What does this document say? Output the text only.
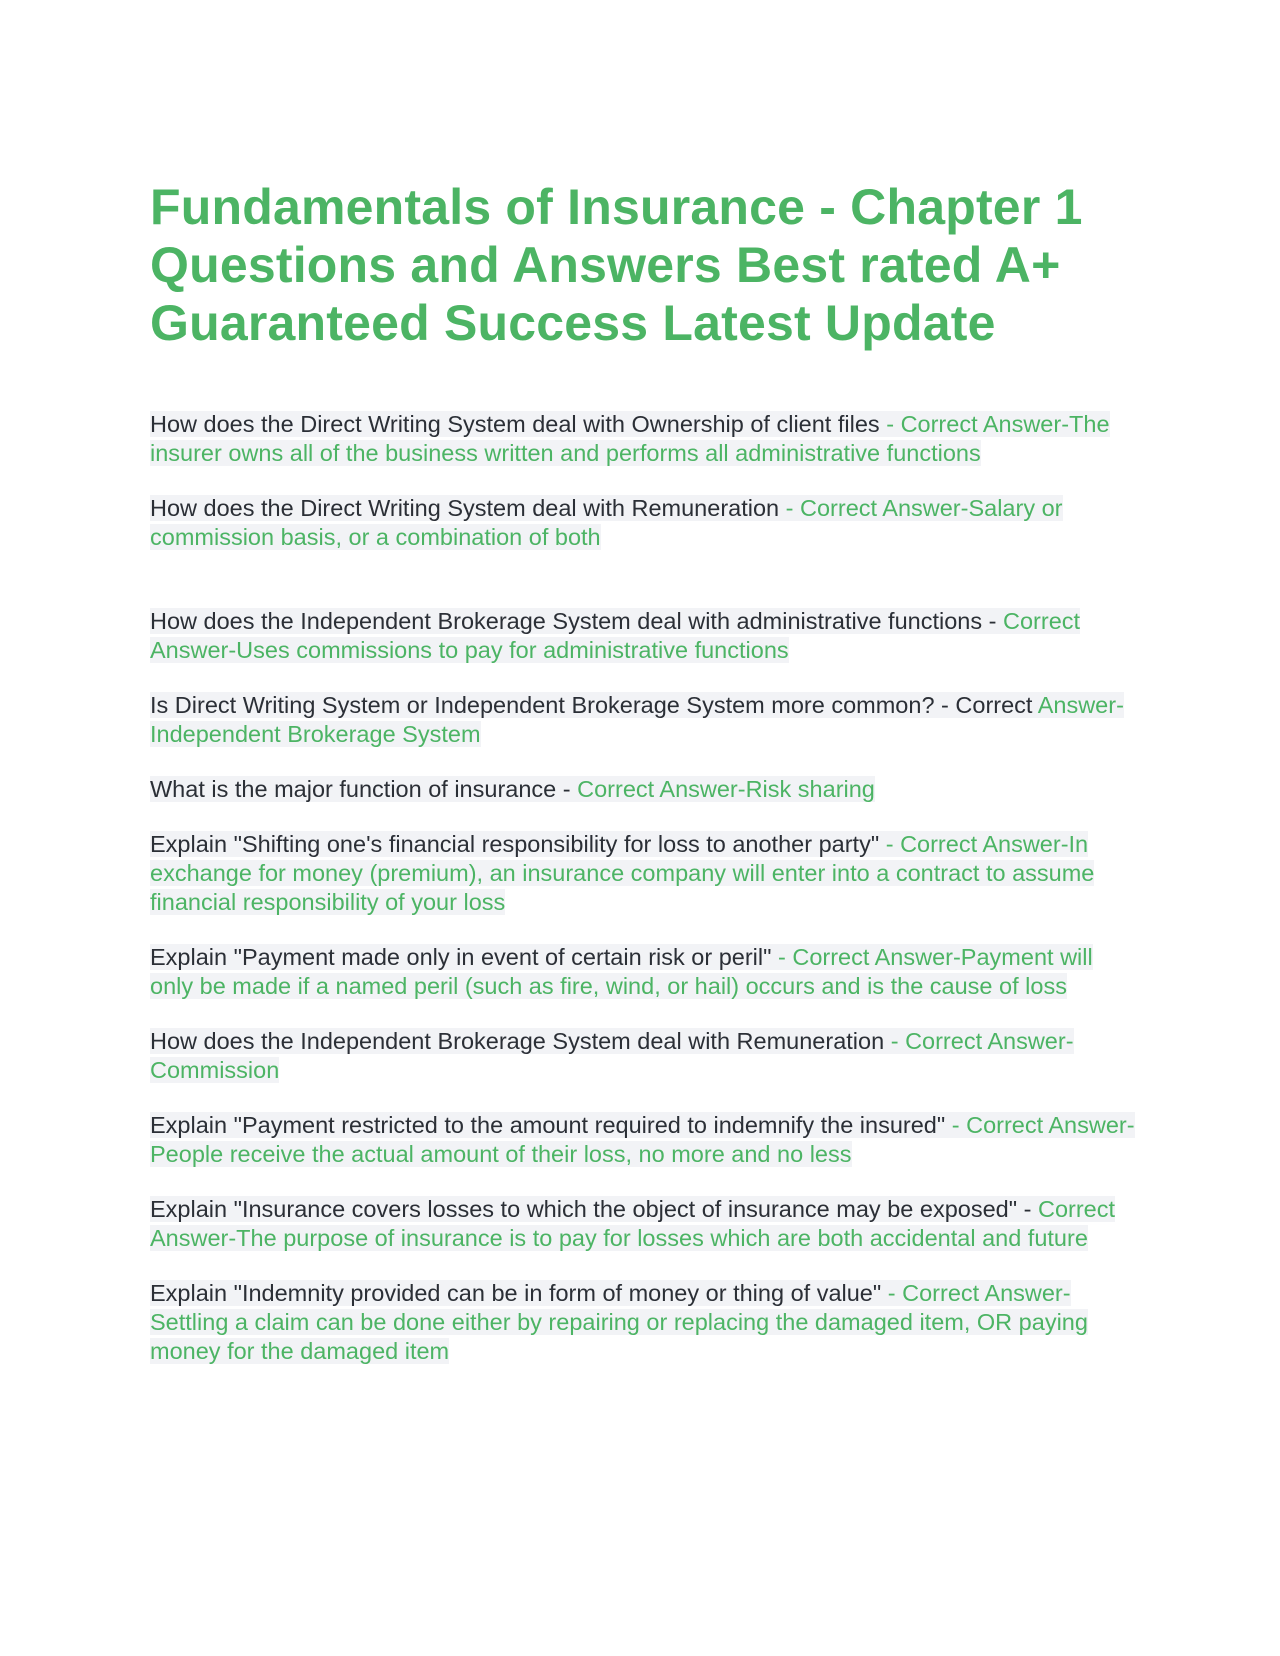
Fundamentals of Insurance - Chapter 1 Questions and Answers Best rated A+ Guaranteed Success Latest Update

How does the Direct Writing System deal with Ownership of client files - Correct Answer-The insurer owns all of the business written and performs all administrative functions

How does the Direct Writing System deal with Remuneration - Correct Answer-Salary or commission basis, or a combination of both

How does the Independent Brokerage System deal with administrative functions - Correct Answer-Uses commissions to pay for administrative functions

Is Direct Writing System or Independent Brokerage System more common? - Correct Answer-Independent Brokerage System

What is the major function of insurance - Correct Answer-Risk sharing

Explain "Shifting one's financial responsibility for loss to another party" - Correct Answer-In exchange for money (premium), an insurance company will enter into a contract to assume financial responsibility of your loss

Explain "Payment made only in event of certain risk or peril" - Correct Answer-Payment will only be made if a named peril (such as fire, wind, or hail) occurs and is the cause of loss

How does the Independent Brokerage System deal with Remuneration - Correct Answer-Commission

Explain "Payment restricted to the amount required to indemnify the insured" - Correct Answer-People receive the actual amount of their loss, no more and no less

Explain "Insurance covers losses to which the object of insurance may be exposed" - Correct Answer-The purpose of insurance is to pay for losses which are both accidental and future

Explain "Indemnity provided can be in form of money or thing of value" - Correct Answer-Settling a claim can be done either by repairing or replacing the damaged item, OR paying money for the damaged item
